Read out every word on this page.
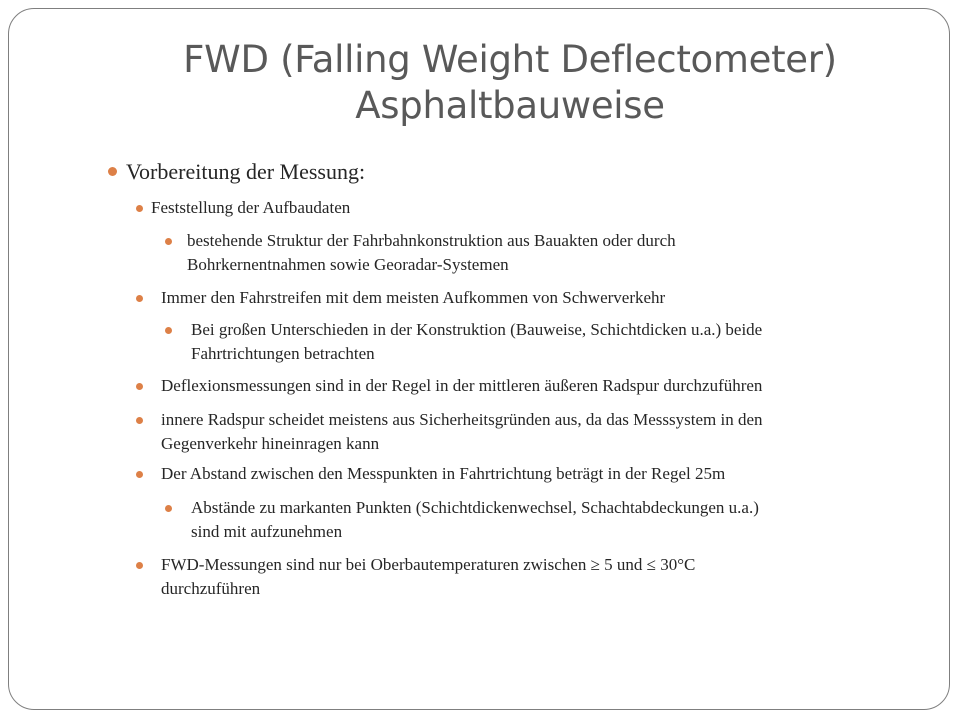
FWD (Falling Weight Deflectometer)
Asphaltbauweise
Vorbereitung der Messung:
Feststellung der Aufbaudaten
bestehende Struktur der Fahrbahnkonstruktion aus Bauakten oder durch
Bohrkernentnahmen sowie Georadar-Systemen
Immer den Fahrstreifen mit dem meisten Aufkommen von Schwerverkehr
Bei großen Unterschieden in der Konstruktion (Bauweise, Schichtdicken u.a.) beide
Fahrtrichtungen betrachten
Deflexionsmessungen sind in der Regel in der mittleren äußeren Radspur durchzuführen
innere Radspur scheidet meistens aus Sicherheitsgründen aus, da das Messsystem in den
Gegenverkehr hineinragen kann
Der Abstand zwischen den Messpunkten in Fahrtrichtung beträgt in der Regel 25m
Abstände zu markanten Punkten (Schichtdickenwechsel, Schachtabdeckungen u.a.)
sind mit aufzunehmen
FWD-Messungen sind nur bei Oberbautemperaturen zwischen ≥ 5 und ≤ 30°C
durchzuführen
